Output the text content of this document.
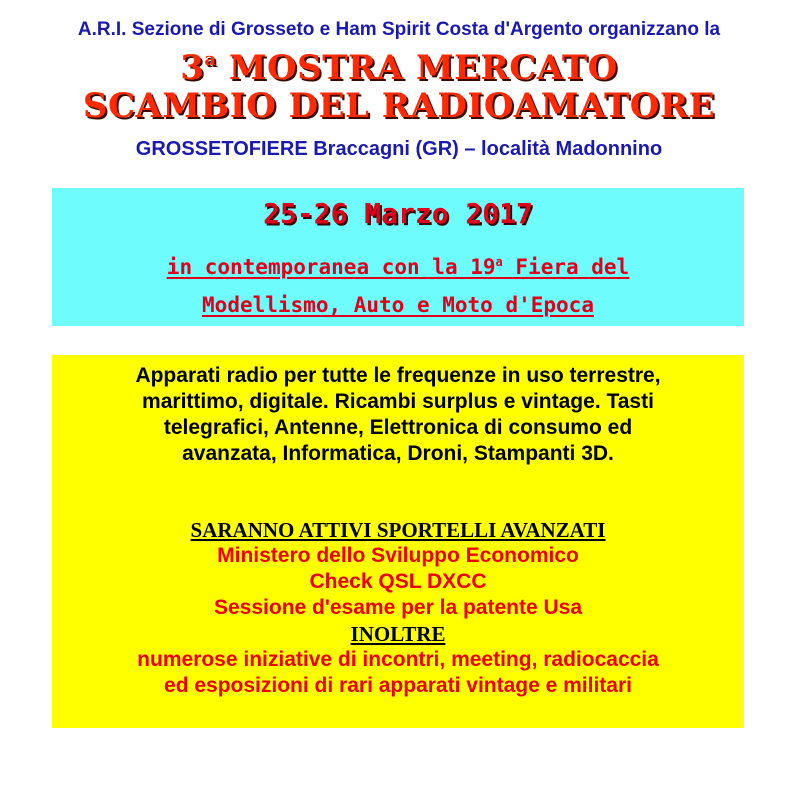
A.R.I. Sezione di Grosseto e Ham Spirit Costa d'Argento organizzano la
3$^a$ MOSTRA MERCATO
SCAMBIO DEL RADIOAMATORE
GROSSETOFIERE Braccagni (GR) – località Madonnino
25-26 Marzo 2017
in contemporanea con la 19$^a$ Fiera del
Modellismo, Auto e Moto d'Epoca
Apparati radio per tutte le frequenze in uso terrestre,
marittimo, digitale. Ricambi surplus e vintage. Tasti
telegrafici, Antenne, Elettronica di consumo ed
avanzata, Informatica, Droni, Stampanti 3D.
SARANNO ATTIVI SPORTELLI AVANZATI
Ministero dello Sviluppo Economico
Check QSL DXCC
Sessione d'esame per la patente Usa
INOLTRE
numerose iniziative di incontri, meeting, radiocaccia
ed esposizioni di rari apparati vintage e militari
